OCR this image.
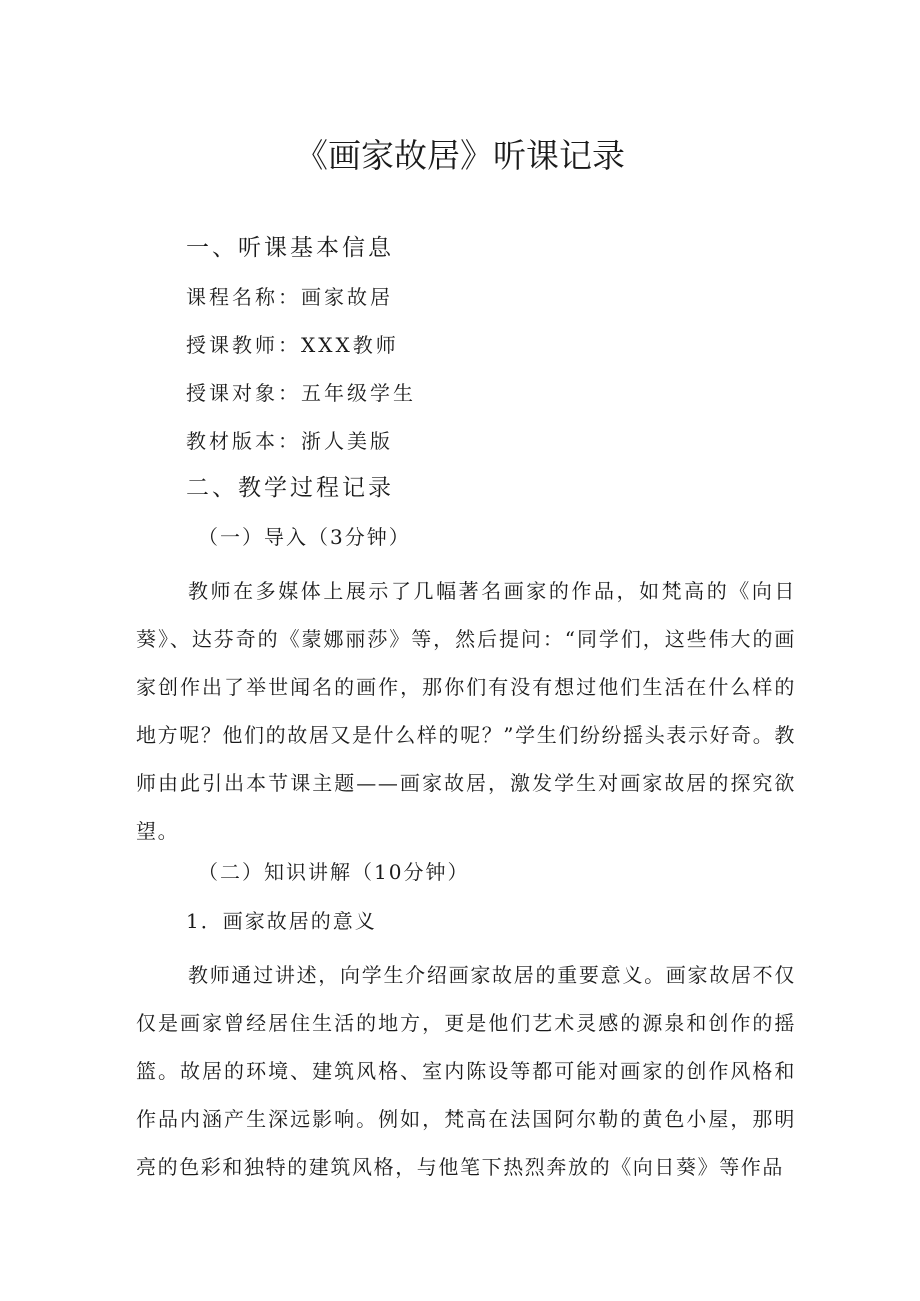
《画家故居》听课记录

一、听课基本信息

课程名称：画家故居

授课教师：XXX教师

授课对象：五年级学生

教材版本：浙人美版

二、教学过程记录

（一）导入（3分钟）

教师在多媒体上展示了几幅著名画家的作品，如梵高的《向日葵》、达芬奇的《蒙娜丽莎》等，然后提问：“同学们，这些伟大的画家创作出了举世闻名的画作，那你们有没有想过他们生活在什么样的地方呢？他们的故居又是什么样的呢？”学生们纷纷摇头表示好奇。教师由此引出本节课主题——画家故居，激发学生对画家故居的探究欲望。

（二）知识讲解（10分钟）

1．画家故居的意义

教师通过讲述，向学生介绍画家故居的重要意义。画家故居不仅仅是画家曾经居住生活的地方，更是他们艺术灵感的源泉和创作的摇篮。故居的环境、建筑风格、室内陈设等都可能对画家的创作风格和作品内涵产生深远影响。例如，梵高在法国阿尔勒的黄色小屋，那明亮的色彩和独特的建筑风格，与他笔下热烈奔放的《向日葵》等作品
